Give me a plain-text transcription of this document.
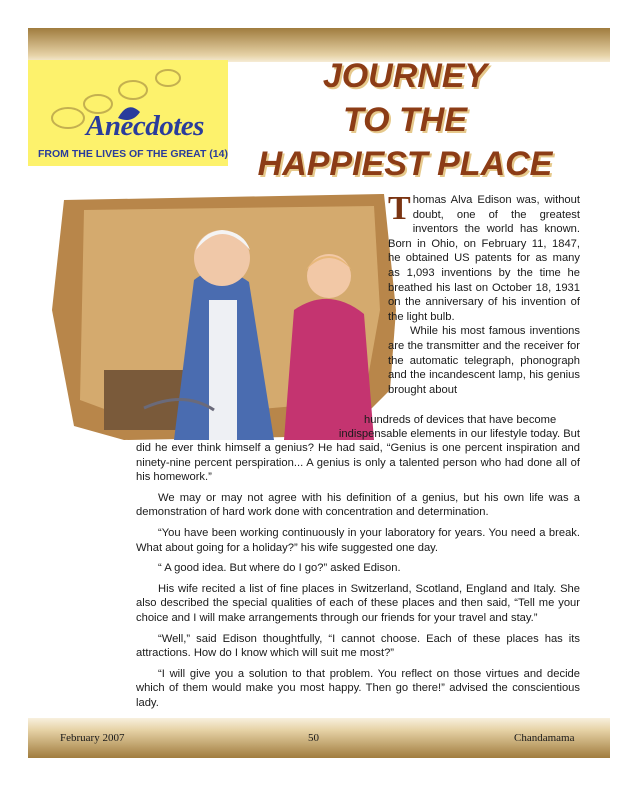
Anecdotes
FROM THE LIVES OF THE GREAT (14)
JOURNEY
TO THE
HAPPIEST PLACE
T homas Alva Edison was, without doubt, one of the greatest inventors the world has known. Born in Ohio, on February 11, 1847, he obtained US patents for as many as 1,093 inventions by the time he breathed his last on October 18, 1931 on the anniversary of his invention of the light bulb.

While his most famous inventions are the transmitter and the receiver for the automatic telegraph, phonograph and the incandescent lamp, his genius brought about

hundreds of devices that have become
indispensable elements in our lifestyle today. But

did he ever think himself a genius? He had said, “Genius is one percent inspiration and ninety-nine percent perspiration... A genius is only a talented person who had done all of his homework.”

We may or may not agree with his definition of a genius, but his own life was a demonstration of hard work done with concentration and determination.

“You have been working continuously in your laboratory for years. You need a break. What about going for a holiday?” his wife suggested one day.

“ A good idea. But where do I go?” asked Edison.

His wife recited a list of fine places in Switzerland, Scotland, England and Italy. She also described the special qualities of each of these places and then said, “Tell me your choice and I will make arrangements through our friends for your travel and stay.”

“Well,” said Edison thoughtfully, “I cannot choose. Each of these places has its attractions. How do I know which will suit me most?”

“I will give you a solution to that problem. You reflect on those virtues and decide which of them would make you most happy. Then go there!” advised the conscientious lady.

February 2007	50	Chandamama
